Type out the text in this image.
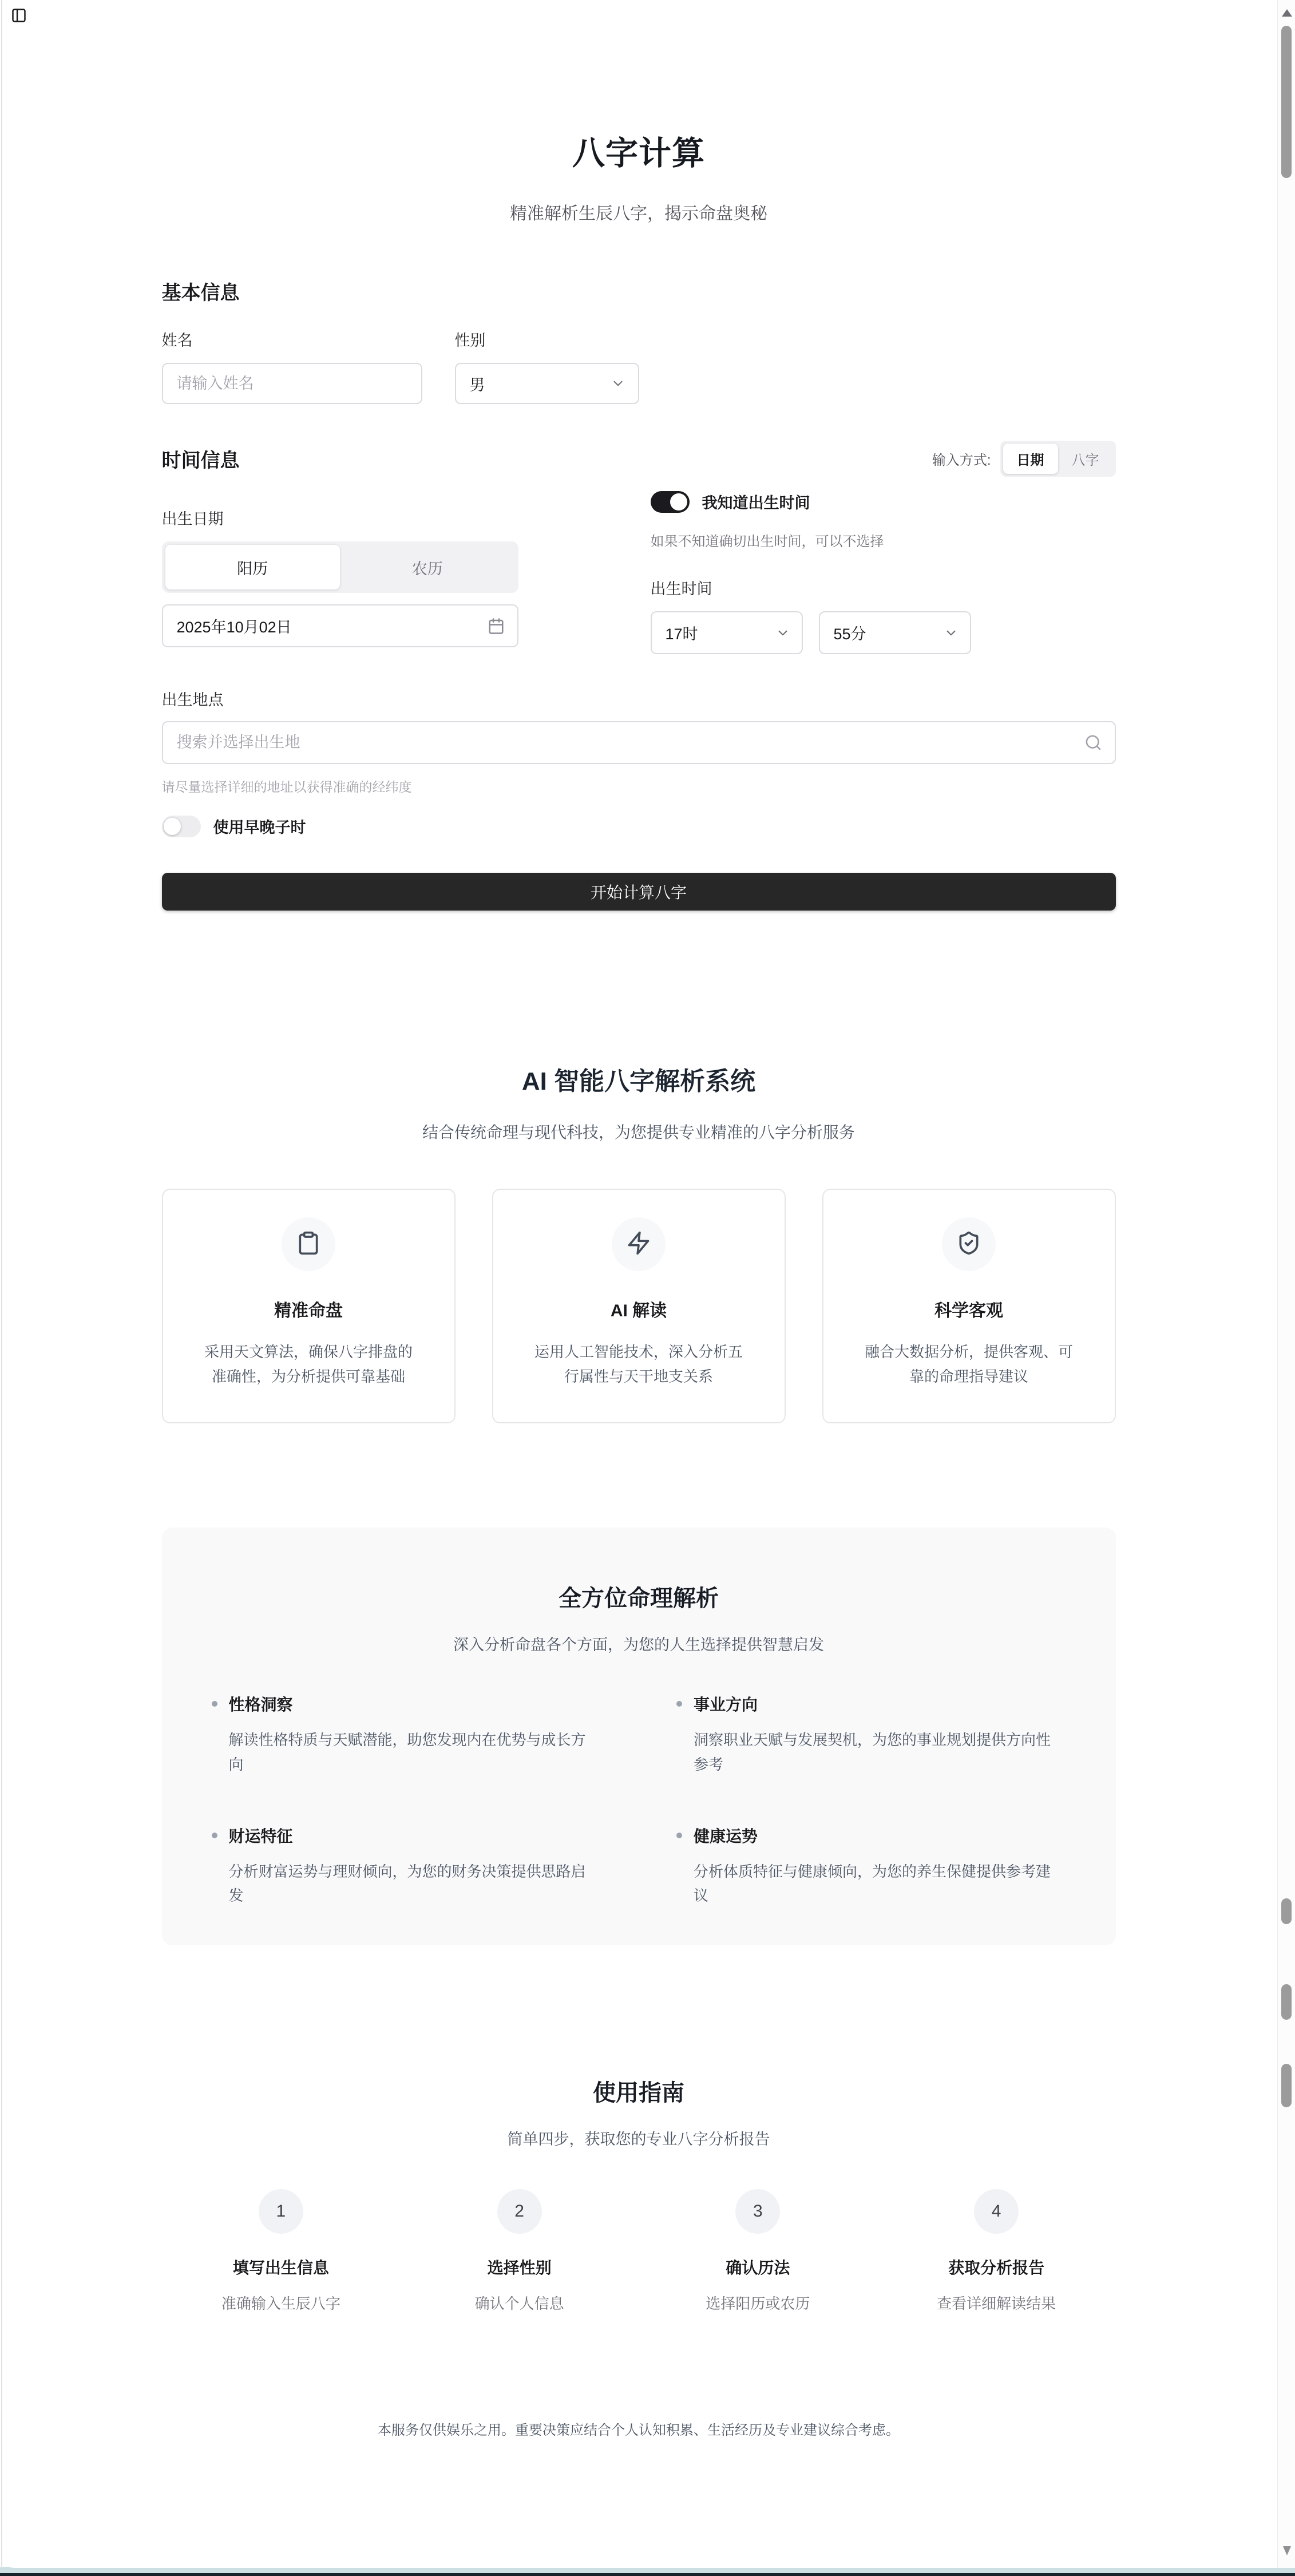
八字计算
精准解析生辰八字，揭示命盘奥秘
基本信息
姓名
请输入姓名	性别
男
时间信息	输入方式:	日期	八字
出生日期
阳历	农历
2025年10月02日
我知道出生时间
如果不知道确切出生时间，可以不选择
出生时间
17时	55分
出生地点
搜索并选择出生地
请尽量选择详细的地址以获得准确的经纬度
使用早晚子时
开始计算八字
AI 智能八字解析系统
结合传统命理与现代科技，为您提供专业精准的八字分析服务
精准命盘
采用天文算法，确保八字排盘的准确性，为分析提供可靠基础
AI 解读
运用人工智能技术，深入分析五行属性与天干地支关系
科学客观
融合大数据分析，提供客观、可靠的命理指导建议
全方位命理解析
深入分析命盘各个方面，为您的人生选择提供智慧启发
性格洞察
解读性格特质与天赋潜能，助您发现内在优势与成长方向
事业方向
洞察职业天赋与发展契机，为您的事业规划提供方向性参考
财运特征
分析财富运势与理财倾向，为您的财务决策提供思路启发
健康运势
分析体质特征与健康倾向，为您的养生保健提供参考建议
使用指南
简单四步，获取您的专业八字分析报告
1
填写出生信息
准确输入生辰八字
2
选择性别
确认个人信息
3
确认历法
选择阳历或农历
4
获取分析报告
查看详细解读结果
本服务仅供娱乐之用。重要决策应结合个人认知积累、生活经历及专业建议综合考虑。
